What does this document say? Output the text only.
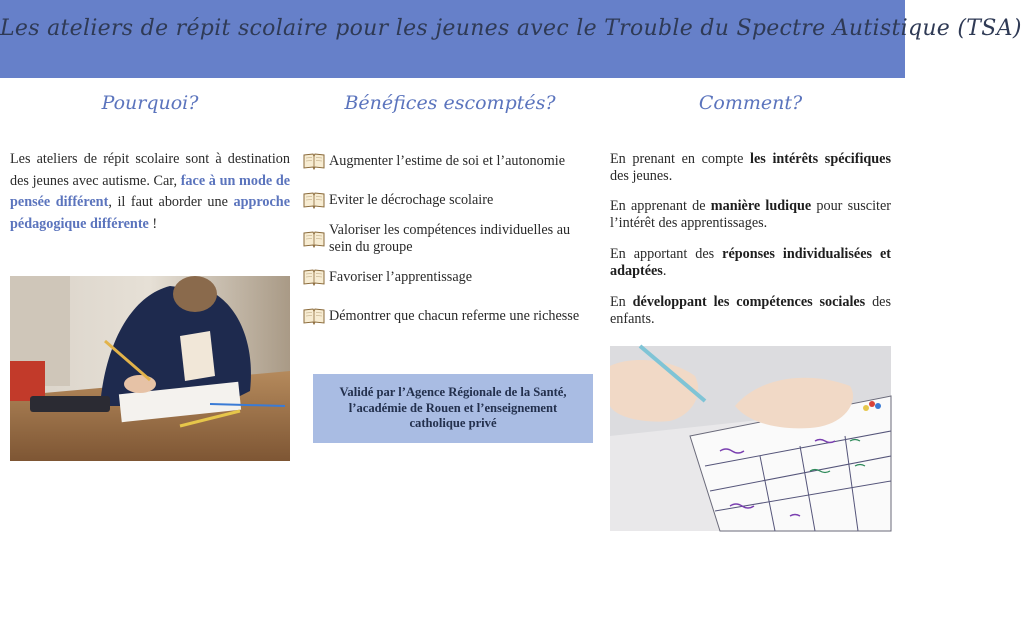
Les ateliers de répit scolaire pour les jeunes avec le Trouble du Spectre Autistique (TSA)
Pourquoi?	Bénéfices escomptés?	Comment?

Les ateliers de répit scolaire sont à destination des jeunes avec autisme. Car, face à un mode de pensée différent, il faut aborder une approche pédagogique différente !

Augmenter l’estime de soi et l’autonomie
Eviter le décrochage scolaire
Valoriser les compétences individuelles au sein du groupe
Favoriser l’apprentissage
Démontrer que chacun referme une richesse
Validé par l’Agence Régionale de la Santé, l’académie de Rouen et l’enseignement catholique privé

En prenant en compte les intérêts spécifiques des jeunes.

En apprenant de manière ludique pour susciter l’intérêt des apprentissages.

En apportant des réponses individualisées et adaptées.

En développant les compétences sociales des enfants.
